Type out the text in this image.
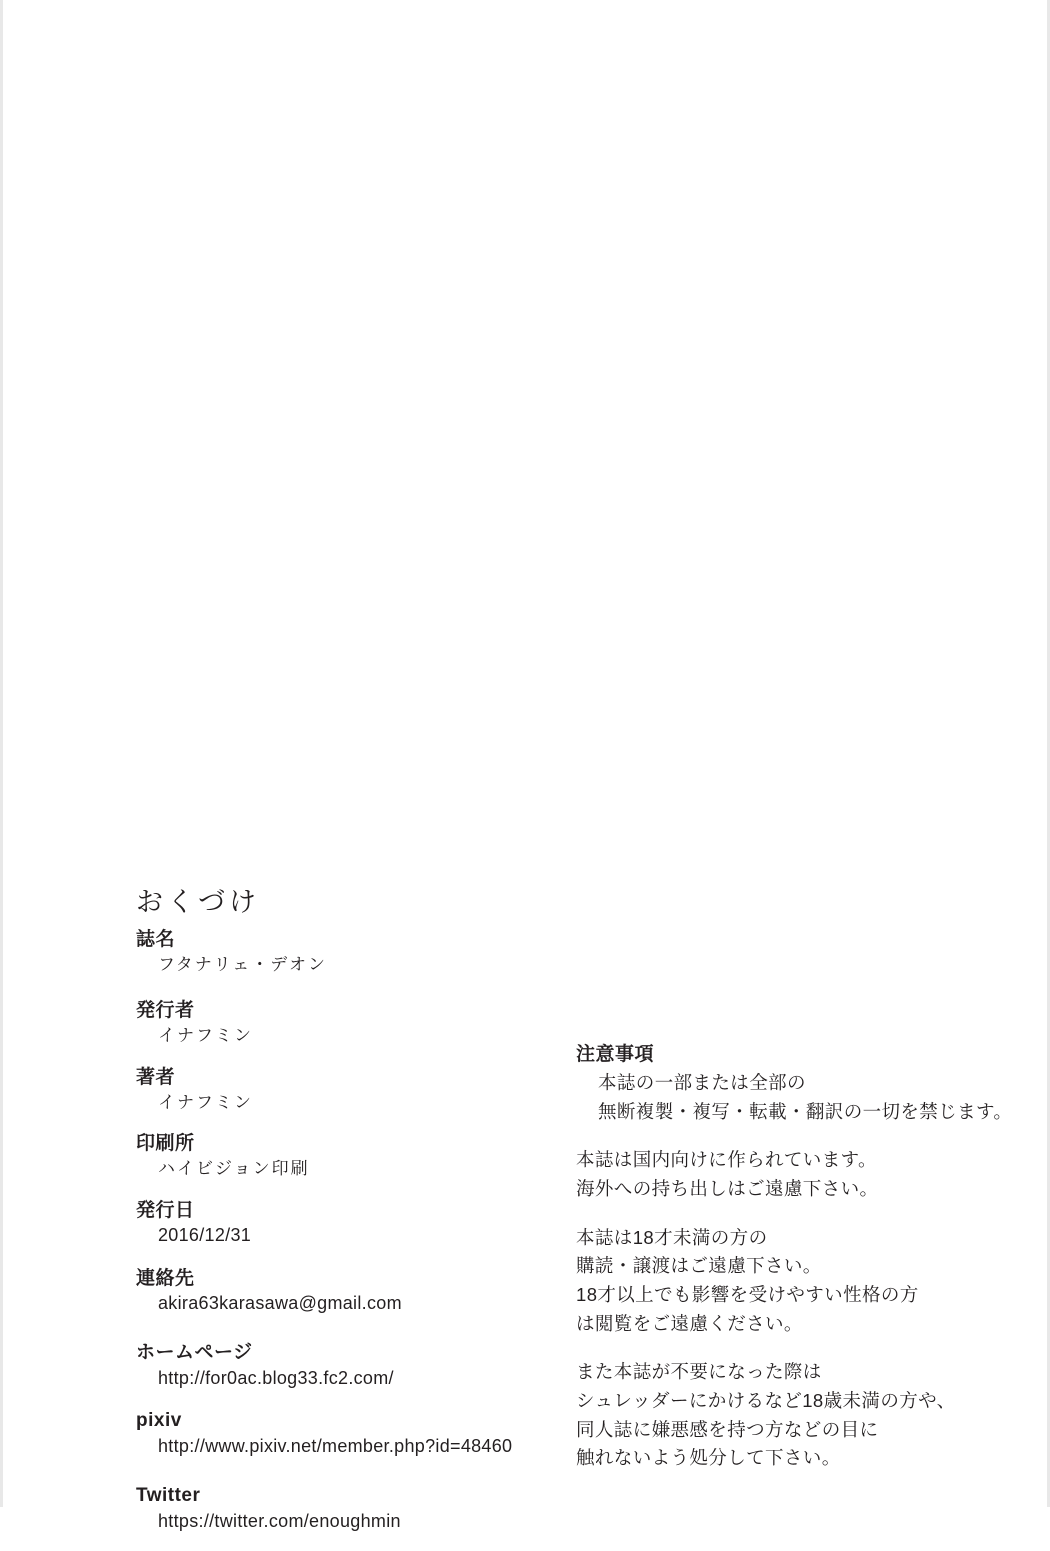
おくづけ
誌名
フタナリェ・デオン
発行者
イナフミン
著者
イナフミン
印刷所
ハイビジョン印刷
発行日
2016/12/31
連絡先
akira63karasawa@gmail.com
ホームページ
http://for0ac.blog33.fc2.com/
pixiv
http://www.pixiv.net/member.php?id=48460
Twitter
https://twitter.com/enoughmin
注意事項
本誌の一部または全部の
無断複製・複写・転載・翻訳の一切を禁じます。
本誌は国内向けに作られています。
海外への持ち出しはご遠慮下さい。
本誌は18才未満の方の
購読・譲渡はご遠慮下さい。
18才以上でも影響を受けやすい性格の方
は閲覧をご遠慮ください。
また本誌が不要になった際は
シュレッダーにかけるなど18歳未満の方や、
同人誌に嫌悪感を持つ方などの目に
触れないよう処分して下さい。
